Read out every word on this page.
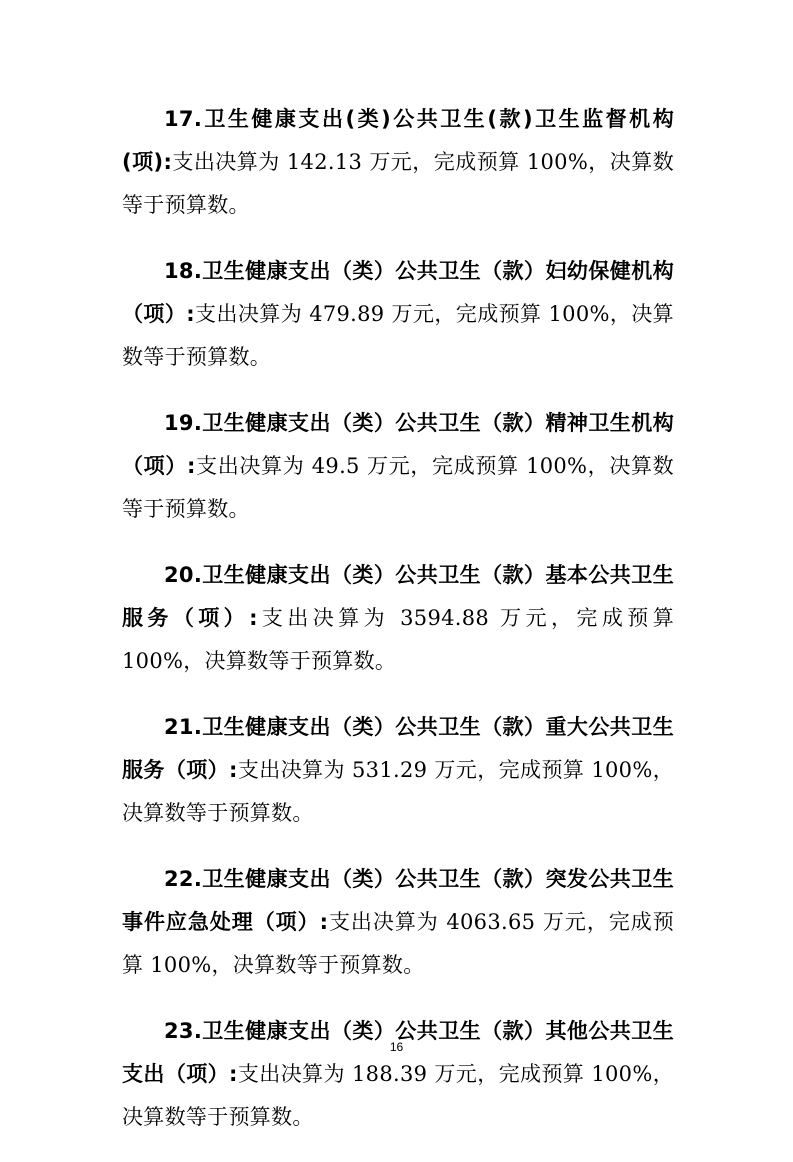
17.卫生健康支出(类)公共卫生(款)卫生监督机构(项):支出决算为 142.13 万元，完成预算 100%，决算数等于预算数。

18.卫生健康支出（类）公共卫生（款）妇幼保健机构（项）:支出决算为 479.89 万元，完成预算 100%，决算数等于预算数。

19.卫生健康支出（类）公共卫生（款）精神卫生机构（项）:支出决算为 49.5 万元，完成预算 100%，决算数等于预算数。

20.卫生健康支出（类）公共卫生（款）基本公共卫生服务（项）:支出决算为 3594.88 万元，完成预算 100%，决算数等于预算数。

21.卫生健康支出（类）公共卫生（款）重大公共卫生服务（项）:支出决算为 531.29 万元，完成预算 100%，决算数等于预算数。

22.卫生健康支出（类）公共卫生（款）突发公共卫生事件应急处理（项）:支出决算为 4063.65 万元，完成预算 100%，决算数等于预算数。

23.卫生健康支出（类）公共卫生（款）其他公共卫生支出（项）:支出决算为 188.39 万元，完成预算 100%，决算数等于预算数。

16
